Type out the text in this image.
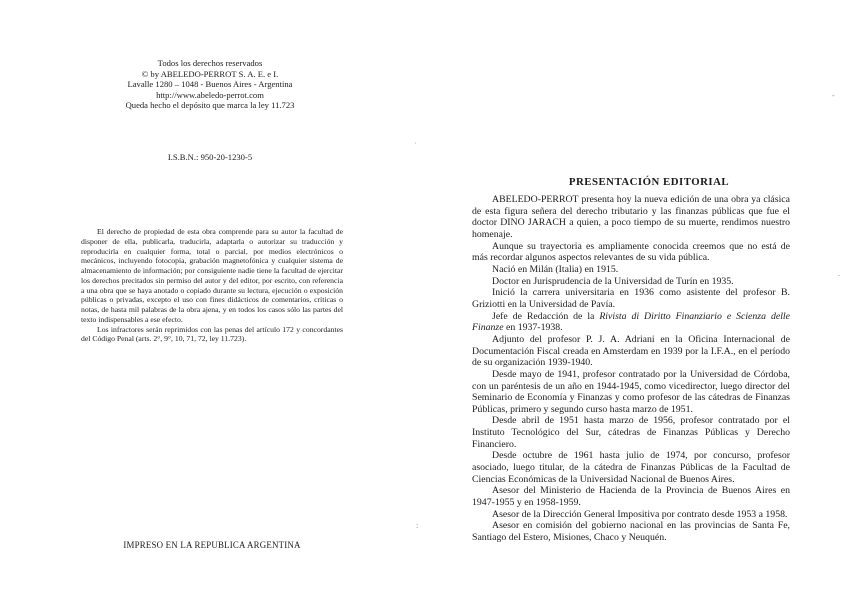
Todos los derechos reservados
© by ABELEDO-PERROT S. A. E. e I.
Lavalle 1280 – 1048 - Buenos Aires - Argentina
http://www.abeledo-perrot.com
Queda hecho el depósito que marca la ley 11.723
I.S.B.N.: 950-20-1230-5

El derecho de propiedad de esta obra comprende para su autor la facultad de disponer de ella, publicarla, traducirla, adaptarla o autorizar su traducción y reproducirla en cualquier forma, total o parcial, por medios electrónicos o mecánicos, incluyendo fotocopia, grabación magnetofónica y cualquier sistema de almacenamiento de información; por consiguiente nadie tiene la facultad de ejercitar los derechos precitados sin permiso del autor y del editor, por escrito, con referencia a una obra que se haya anotado o copiado durante su lectura, ejecución o exposición públicas o privadas, excepto el uso con fines didácticos de comentarios, críticas o notas, de hasta mil palabras de la obra ajena, y en todos los casos sólo las partes del texto indispensables a ese efecto.

Los infractores serán reprimidos con las penas del artículo 172 y concordantes del Código Penal (arts. 2°, 9°, 10, 71, 72, ley 11.723).

IMPRESO EN LA REPUBLICA ARGENTINA
˙
PRESENTACIÓN EDITORIAL

ABELEDO-PERROT presenta hoy la nueva edición de una obra ya clásica de esta figura señera del derecho tributario y las finanzas públicas que fue el doctor DINO JARACH a quien, a poco tiempo de su muerte, rendimos nuestro homenaje.

Aunque su trayectoria es ampliamente conocida creemos que no está de más recordar algunos aspectos relevantes de su vida pública.

Nació en Milán (Italia) en 1915.

Doctor en Jurisprudencia de la Universidad de Turín en 1935.

Inició la carrera universitaria en 1936 como asistente del profesor B. Griziotti en la Universidad de Pavía.

Jefe de Redacción de la Rivista di Diritto Finanziario e Scienza delle Finanze en 1937-1938.

Adjunto del profesor P. J. A. Adriani en la Oficina Internacional de Documentación Fiscal creada en Amsterdam en 1939 por la I.F.A., en el período de su organización 1939-1940.

Desde mayo de 1941, profesor contratado por la Universidad de Córdoba, con un paréntesis de un año en 1944-1945, como vicedirector, luego director del Seminario de Economía y Finanzas y como profesor de las cátedras de Finanzas Públicas, primero y segundo curso hasta marzo de 1951.

Desde abril de 1951 hasta marzo de 1956, profesor contratado por el Instituto Tecnológico del Sur, cátedras de Finanzas Públicas y Derecho Financiero.

Desde octubre de 1961 hasta julio de 1974, por concurso, profesor asociado, luego titular, de la cátedra de Finanzas Públicas de la Facultad de Ciencias Económicas de la Universidad Nacional de Buenos Aires.

Asesor del Ministerio de Hacienda de la Provincia de Buenos Aires en 1947-1955 y en 1958-1959.

Asesor de la Dirección General Impositiva por contrato desde 1953 a 1958.

Asesor en comisión del gobierno nacional en las provincias de Santa Fe, Santiago del Estero, Misiones, Chaco y Neuquén.

-
.
:
